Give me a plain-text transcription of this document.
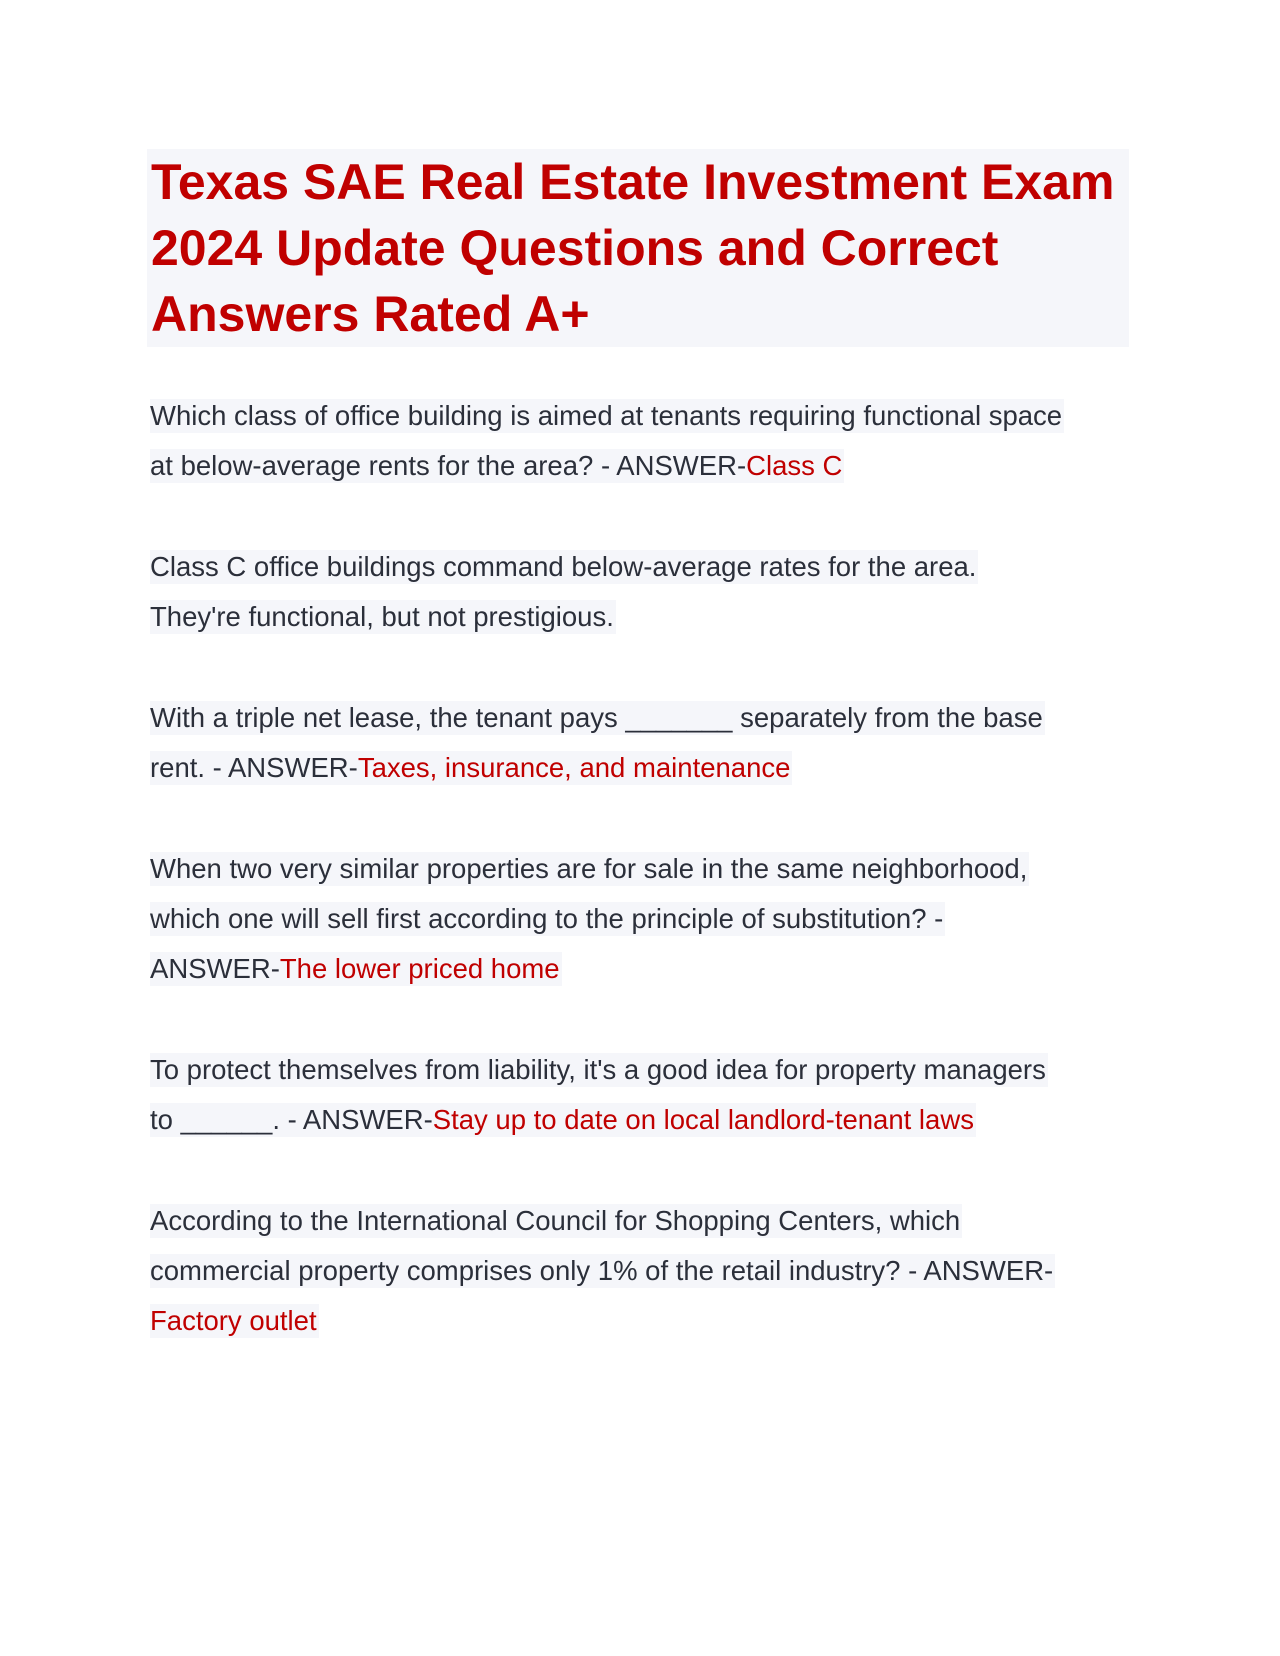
Texas SAE Real Estate Investment Exam
2024 Update Questions and Correct
Answers Rated A+
Which class of office building is aimed at tenants requiring functional space
at below-average rents for the area? - ANSWER-Class C
Class C office buildings command below-average rates for the area.
They're functional, but not prestigious.
With a triple net lease, the tenant pays _______ separately from the base
rent. - ANSWER-Taxes, insurance, and maintenance
When two very similar properties are for sale in the same neighborhood,
which one will sell first according to the principle of substitution? -
ANSWER-The lower priced home
To protect themselves from liability, it's a good idea for property managers
to ______. - ANSWER-Stay up to date on local landlord-tenant laws
According to the International Council for Shopping Centers, which
commercial property comprises only 1% of the retail industry? - ANSWER-
Factory outlet
